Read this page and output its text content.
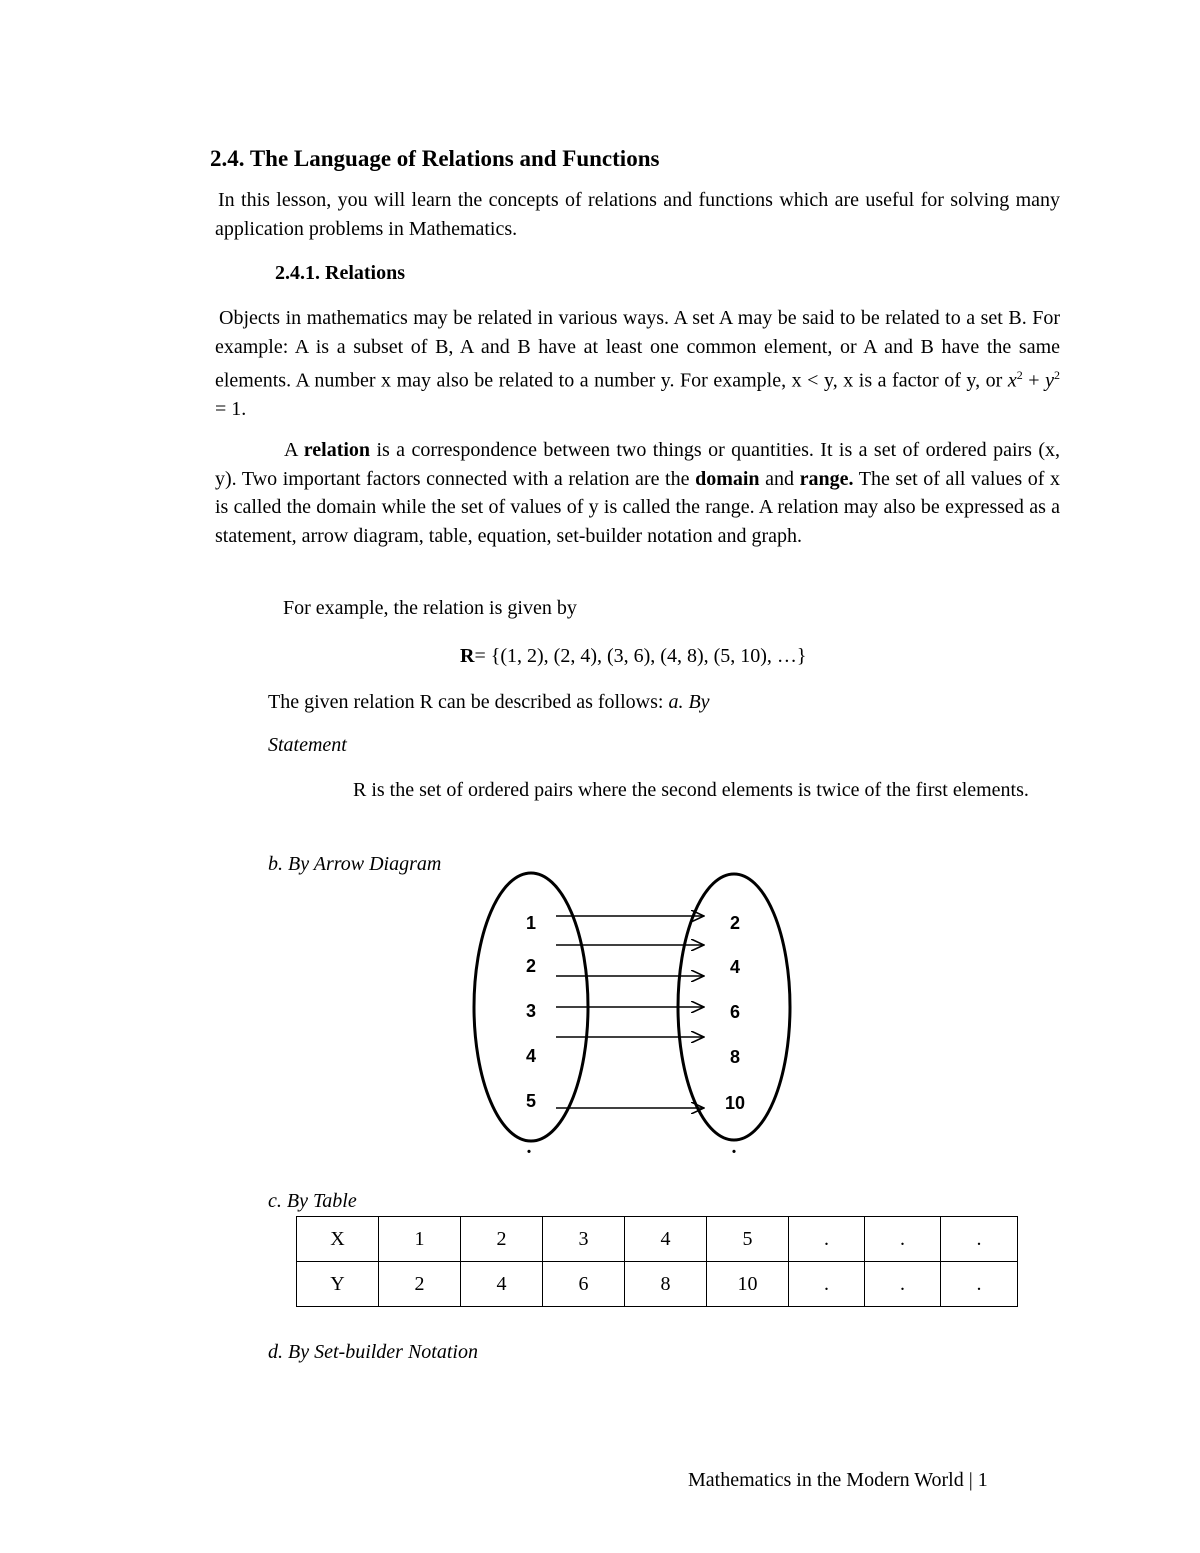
2.4. The Language of Relations and Functions
In this lesson, you will learn the concepts of relations and functions which are useful for solving many application problems in Mathematics.
2.4.1. Relations
Objects in mathematics may be related in various ways. A set A may be said to be related to a set B. For example: A is a subset of B, A and B have at least one common element, or A and B have the same elements. A number x may also be related to a number y. For example, x < y, x is a factor of y, or $x^2 + y^2 = 1$.
A relation is a correspondence between two things or quantities. It is a set of ordered pairs (x, y). Two important factors connected with a relation are the domain and range. The set of all values of x is called the domain while the set of values of y is called the range. A relation may also be expressed as a statement, arrow diagram, table, equation, set-builder notation and graph.
For example, the relation is given by
R= {(1, 2), (2, 4), (3, 6), (4, 8), (5, 10), …}
The given relation R can be described as follows: a. By
Statement
R is the set of ordered pairs where the second elements is twice of the first elements.
b. By Arrow Diagram
1
2
3
4
5
2
4
6
8
10
.	.
c. By Table
X	1	2	3	4	5	.	.	.
Y	2	4	6	8	10	.	.	.
d. By Set-builder Notation
Mathematics in the Modern World | 1
